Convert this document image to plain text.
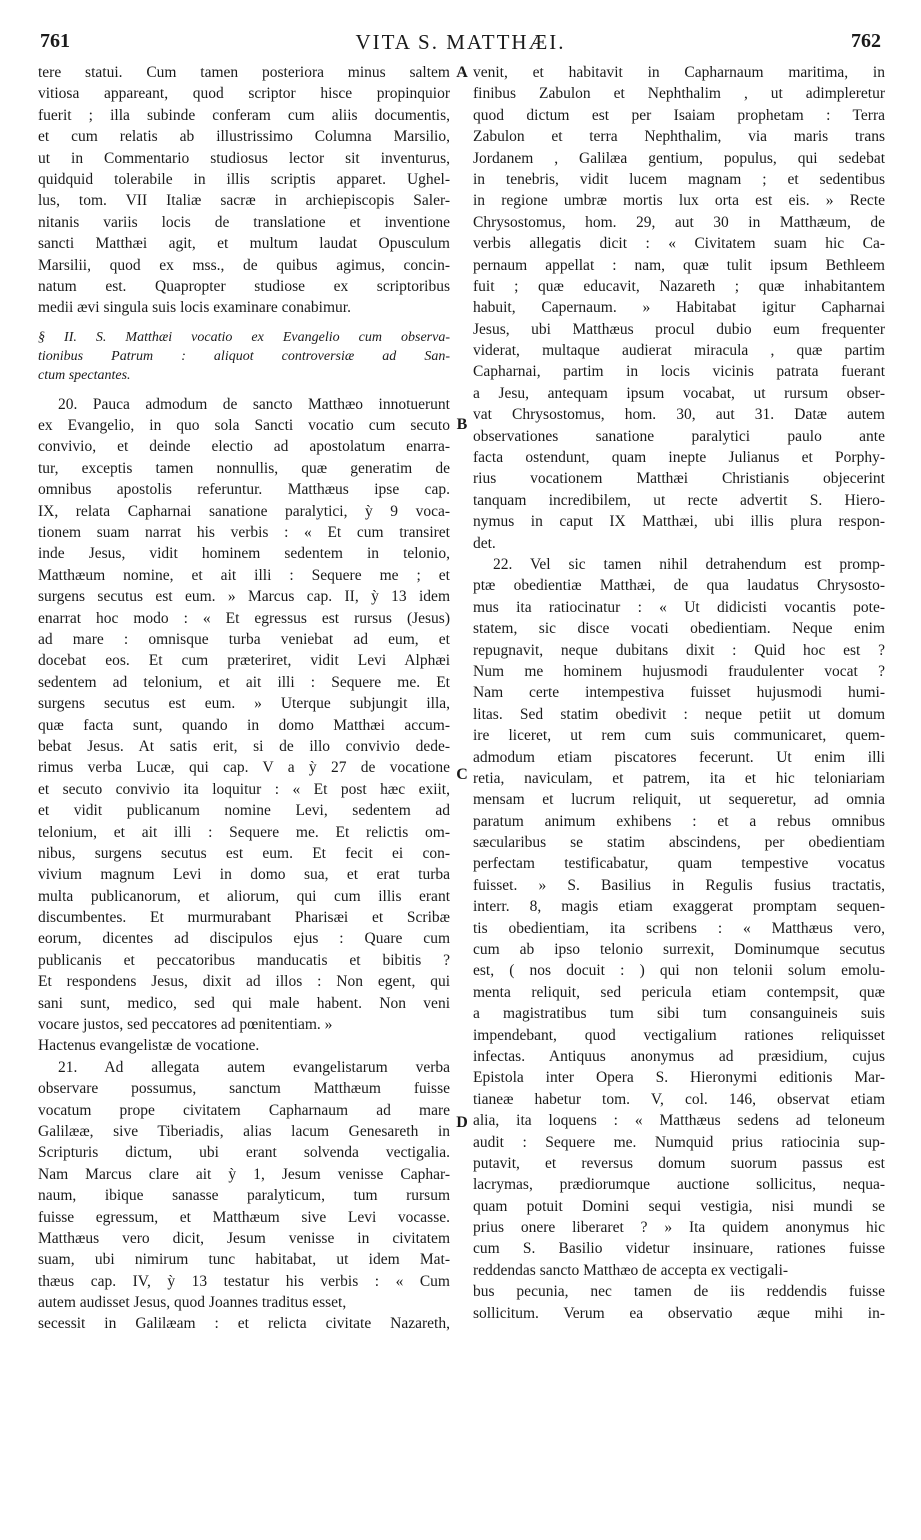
VITA S. MATTHÆI.
761	762
tere statui. Cum tamen posteriora minus saltem
vitiosa appareant, quod scriptor hisce propinquior
fuerit ; illa subinde conferam cum aliis documentis,
et cum relatis ab illustrissimo Columna Marsilio,
ut in Commentario studiosus lector sit inventurus,
quidquid tolerabile in illis scriptis apparet. Ughel-
lus, tom. VII Italiæ sacræ in archiepiscopis Saler-
nitanis variis locis de translatione et inventione
sancti Matthæi agit, et multum laudat Opusculum
Marsilii, quod ex mss., de quibus agimus, concin-
natum est. Quapropter studiose ex scriptoribus
medii ævi singula suis locis examinare conabimur.
§ II. S. Matthæi vocatio ex Evangelio cum observa-
tionibus Patrum : aliquot controversiæ ad San-
ctum spectantes.
20. Pauca admodum de sancto Matthæo innotuerunt
ex Evangelio, in quo sola Sancti vocatio cum secuto
convivio, et deinde electio ad apostolatum enarra-
tur, exceptis tamen nonnullis, quæ generatim de
omnibus apostolis referuntur. Matthæus ipse cap.
IX, relata Capharnai sanatione paralytici, ỳ 9 voca-
tionem suam narrat his verbis : « Et cum transiret
inde Jesus, vidit hominem sedentem in telonio,
Matthæum nomine, et ait illi : Sequere me ; et
surgens secutus est eum. » Marcus cap. II, ỳ 13 idem
enarrat hoc modo : « Et egressus est rursus (Jesus)
ad mare : omnisque turba veniebat ad eum, et
docebat eos. Et cum præteriret, vidit Levi Alphæi
sedentem ad telonium, et ait illi : Sequere me. Et
surgens secutus est eum. » Uterque subjungit illa,
quæ facta sunt, quando in domo Matthæi accum-
bebat Jesus. At satis erit, si de illo convivio dede-
rimus verba Lucæ, qui cap. V a ỳ 27 de vocatione
et secuto convivio ita loquitur : « Et post hæc exiit,
et vidit publicanum nomine Levi, sedentem ad
telonium, et ait illi : Sequere me. Et relictis om-
nibus, surgens secutus est eum. Et fecit ei con-
vivium magnum Levi in domo sua, et erat turba
multa publicanorum, et aliorum, qui cum illis erant
discumbentes. Et murmurabant Pharisæi et Scribæ
eorum, dicentes ad discipulos ejus : Quare cum
publicanis et peccatoribus manducatis et bibitis ?
Et respondens Jesus, dixit ad illos : Non egent, qui
sani sunt, medico, sed qui male habent. Non veni
vocare justos, sed peccatores ad pœnitentiam. »
Hactenus evangelistæ de vocatione.
21. Ad allegata autem evangelistarum verba
observare possumus, sanctum Matthæum fuisse
vocatum prope civitatem Capharnaum ad mare
Galilææ, sive Tiberiadis, alias lacum Genesareth in
Scripturis dictum, ubi erant solvenda vectigalia.
Nam Marcus clare ait ỳ 1, Jesum venisse Caphar-
naum, ibique sanasse paralyticum, tum rursum
fuisse egressum, et Matthæum sive Levi vocasse.
Matthæus vero dicit, Jesum venisse in civitatem
suam, ubi nimirum tunc habitabat, ut idem Mat-
thæus cap. IV, ỳ 13 testatur his verbis : « Cum
autem audisset Jesus, quod Joannes traditus esset,
secessit in Galilæam : et relicta civitate Nazareth,
venit, et habitavit in Capharnaum maritima, in
finibus Zabulon et Nephthalim , ut adimpleretur
quod dictum est per Isaiam prophetam : Terra
Zabulon et terra Nephthalim, via maris trans
Jordanem , Galilæa gentium, populus, qui sedebat
in tenebris, vidit lucem magnam ; et sedentibus
in regione umbræ mortis lux orta est eis. » Recte
Chrysostomus, hom. 29, aut 30 in Matthæum, de
verbis allegatis dicit : « Civitatem suam hic Ca-
pernaum appellat : nam, quæ tulit ipsum Bethleem
fuit ; quæ educavit, Nazareth ; quæ inhabitantem
habuit, Capernaum. » Habitabat igitur Capharnai
Jesus, ubi Matthæus procul dubio eum frequenter
viderat, multaque audierat miracula , quæ partim
Capharnai, partim in locis vicinis patrata fuerant
a Jesu, antequam ipsum vocabat, ut rursum obser-
vat Chrysostomus, hom. 30, aut 31. Datæ autem
observationes sanatione paralytici paulo ante
facta ostendunt, quam inepte Julianus et Porphy-
rius vocationem Matthæi Christianis objecerint
tanquam incredibilem, ut recte advertit S. Hiero-
nymus in caput IX Matthæi, ubi illis plura respon-
det.
22. Vel sic tamen nihil detrahendum est promp-
ptæ obedientiæ Matthæi, de qua laudatus Chrysosto-
mus ita ratiocinatur : « Ut didicisti vocantis pote-
statem, sic disce vocati obedientiam. Neque enim
repugnavit, neque dubitans dixit : Quid hoc est ?
Num me hominem hujusmodi fraudulenter vocat ?
Nam certe intempestiva fuisset hujusmodi humi-
litas. Sed statim obedivit : neque petiit ut domum
ire liceret, ut rem cum suis communicaret, quem-
admodum etiam piscatores fecerunt. Ut enim illi
retia, naviculam, et patrem, ita et hic teloniariam
mensam et lucrum reliquit, ut sequeretur, ad omnia
paratum animum exhibens : et a rebus omnibus
sæcularibus se statim abscindens, per obedientiam
perfectam testificabatur, quam tempestive vocatus
fuisset. » S. Basilius in Regulis fusius tractatis,
interr. 8, magis etiam exaggerat promptam sequen-
tis obedientiam, ita scribens : « Matthæus vero,
cum ab ipso telonio surrexit, Dominumque secutus
est, ( nos docuit : ) qui non telonii solum emolu-
menta reliquit, sed pericula etiam contempsit, quæ
a magistratibus tum sibi tum consanguineis suis
impendebant, quod vectigalium rationes reliquisset
infectas. Antiquus anonymus ad præsidium, cujus
Epistola inter Opera S. Hieronymi editionis Mar-
tianeæ habetur tom. V, col. 146, observat etiam
alia, ita loquens : « Matthæus sedens ad teloneum
audit : Sequere me. Numquid prius ratiocinia sup-
putavit, et reversus domum suorum passus est
lacrymas, prædiorumque auctione sollicitus, nequa-
quam potuit Domini sequi vestigia, nisi mundi se
prius onere liberaret ? » Ita quidem anonymus hic
cum S. Basilio videtur insinuare, rationes fuisse
reddendas sancto Matthæo de accepta ex vectigali-
bus pecunia, nec tamen de iis reddendis fuisse
sollicitum. Verum ea observatio æque mihi in-
A
B
C
D
